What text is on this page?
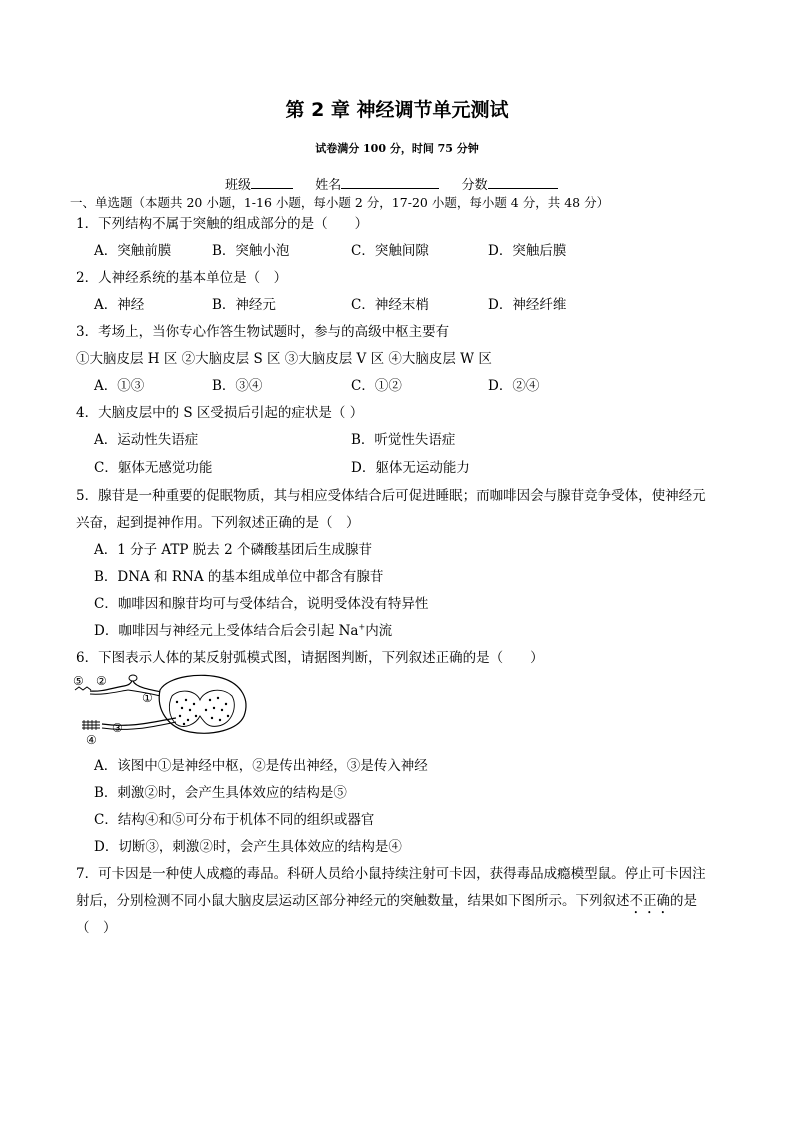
第 2 章 神经调节单元测试
试卷满分 100 分，时间 75 分钟
班级	姓名	分数
一、单选题（本题共 20 小题，1-16 小题，每小题 2 分，17-20 小题，每小题 4 分，共 48 分）
1．下列结构不属于突触的组成部分的是（　　）
A．突触前膜	B．突触小泡	C．突触间隙	D．突触后膜
2．人神经系统的基本单位是（　）
A．神经	B．神经元	C．神经末梢	D．神经纤维
3．考场上，当你专心作答生物试题时，参与的高级中枢主要有
①大脑皮层 H 区 ②大脑皮层 S 区 ③大脑皮层 V 区 ④大脑皮层 W 区
A．①③	B．③④	C．①②	D．②④
4．大脑皮层中的 S 区受损后引起的症状是（ ）
A．运动性失语症	B．听觉性失语症
C．躯体无感觉功能	D．躯体无运动能力
5．腺苷是一种重要的促眠物质，其与相应受体结合后可促进睡眠；而咖啡因会与腺苷竞争受体，使神经元
兴奋，起到提神作用。下列叙述正确的是（　）
A．1 分子 ATP 脱去 2 个磷酸基团后生成腺苷
B．DNA 和 RNA 的基本组成单位中都含有腺苷
C．咖啡因和腺苷均可与受体结合，说明受体没有特异性
D．咖啡因与神经元上受体结合后会引起 Na+内流
6．下图表示人体的某反射弧模式图，请据图判断，下列叙述正确的是（　　）
⑤ ②
①
③
④
A．该图中①是神经中枢，②是传出神经，③是传入神经
B．刺激②时，会产生具体效应的结构是⑤
C．结构④和⑤可分布于机体不同的组织或器官
D．切断③，刺激②时，会产生具体效应的结构是④
7．可卡因是一种使人成瘾的毒品。科研人员给小鼠持续注射可卡因，获得毒品成瘾模型鼠。停止可卡因注
射后，分别检测不同小鼠大脑皮层运动区部分神经元的突触数量，结果如下图所示。下列叙述不正确的是
（　）
